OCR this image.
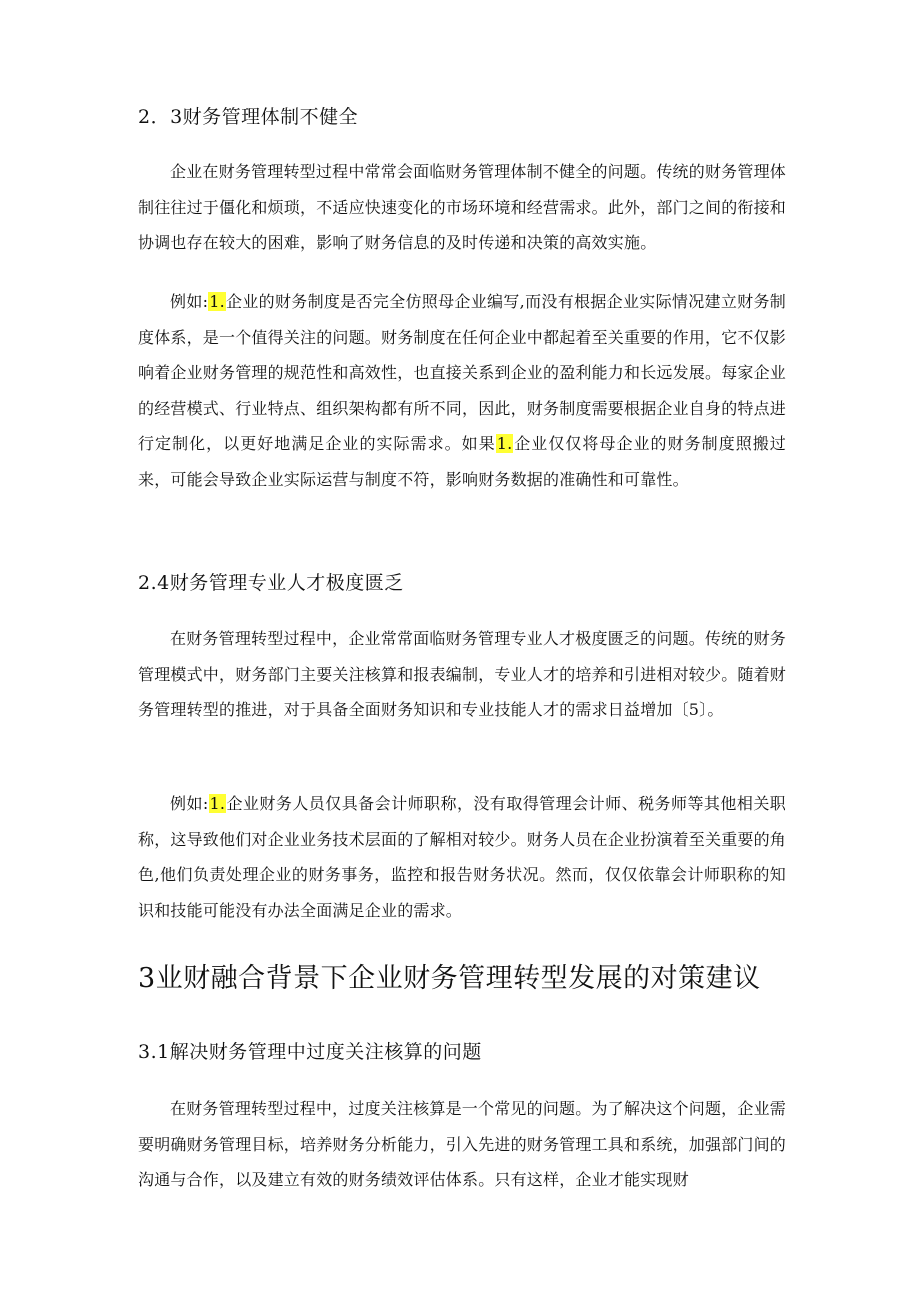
2．3财务管理体制不健全

企业在财务管理转型过程中常常会面临财务管理体制不健全的问题。传统的财务管理体制往往过于僵化和烦琐，不适应快速变化的市场环境和经营需求。此外，部门之间的衔接和协调也存在较大的困难，影响了财务信息的及时传递和决策的高效实施。

例如:1.企业的财务制度是否完全仿照母企业编写,而没有根据企业实际情况建立财务制度体系，是一个值得关注的问题。财务制度在任何企业中都起着至关重要的作用，它不仅影响着企业财务管理的规范性和高效性，也直接关系到企业的盈利能力和长远发展。每家企业的经营模式、行业特点、组织架构都有所不同，因此，财务制度需要根据企业自身的特点进行定制化，以更好地满足企业的实际需求。如果1.企业仅仅将母企业的财务制度照搬过来，可能会导致企业实际运营与制度不符，影响财务数据的准确性和可靠性。

2.4财务管理专业人才极度匮乏

在财务管理转型过程中，企业常常面临财务管理专业人才极度匮乏的问题。传统的财务管理模式中，财务部门主要关注核算和报表编制，专业人才的培养和引进相对较少。随着财务管理转型的推进，对于具备全面财务知识和专业技能人才的需求日益增加〔5〕。

例如:1.企业财务人员仅具备会计师职称，没有取得管理会计师、税务师等其他相关职称，这导致他们对企业业务技术层面的了解相对较少。财务人员在企业扮演着至关重要的角色,他们负责处理企业的财务事务，监控和报告财务状况。然而，仅仅依靠会计师职称的知识和技能可能没有办法全面满足企业的需求。

3业财融合背景下企业财务管理转型发展的对策建议
3.1解决财务管理中过度关注核算的问题

在财务管理转型过程中，过度关注核算是一个常见的问题。为了解决这个问题，企业需要明确财务管理目标，培养财务分析能力，引入先进的财务管理工具和系统，加强部门间的沟通与合作，以及建立有效的财务绩效评估体系。只有这样，企业才能实现财
